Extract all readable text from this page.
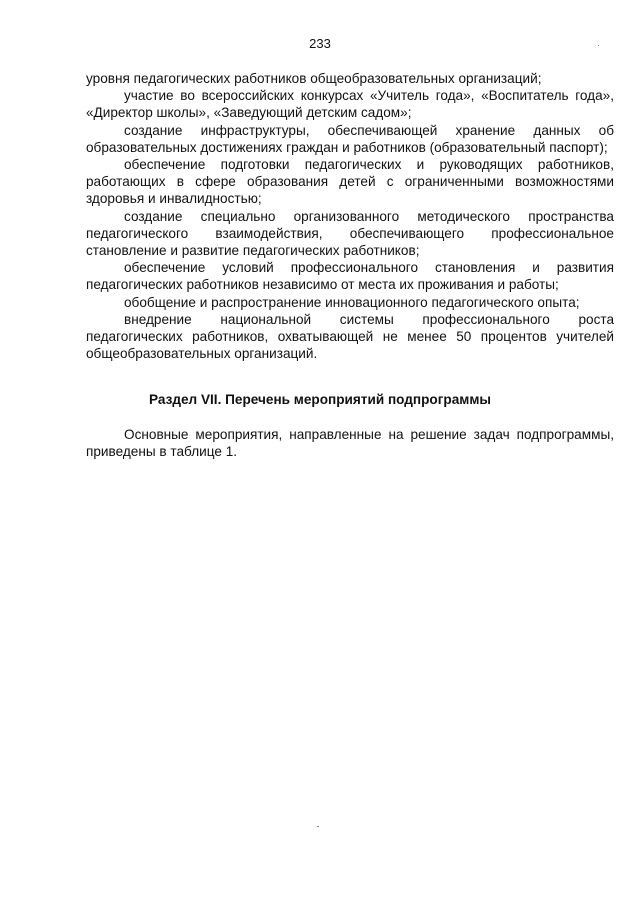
233

уровня педагогических работников общеобразовательных организаций;

участие во всероссийских конкурсах «Учитель года», «Воспитатель года», «Директор школы», «Заведующий детским садом»;

создание инфраструктуры, обеспечивающей хранение данных об образовательных достижениях граждан и работников (образовательный паспорт);

обеспечение подготовки педагогических и руководящих работников, работающих в сфере образования детей с ограниченными возможностями здоровья и инвалидностью;

создание специально организованного методического пространства педагогического взаимодействия, обеспечивающего профессиональное становление и развитие педагогических работников;

обеспечение условий профессионального становления и развития педагогических работников независимо от места их проживания и работы;

обобщение и распространение инновационного педагогического опыта;

внедрение национальной системы профессионального роста педагогических работников, охватывающей не менее 50 процентов учителей общеобразовательных организаций.

Раздел VII. Перечень мероприятий подпрограммы

Основные мероприятия, направленные на решение задач подпрограммы, приведены в таблице 1.
